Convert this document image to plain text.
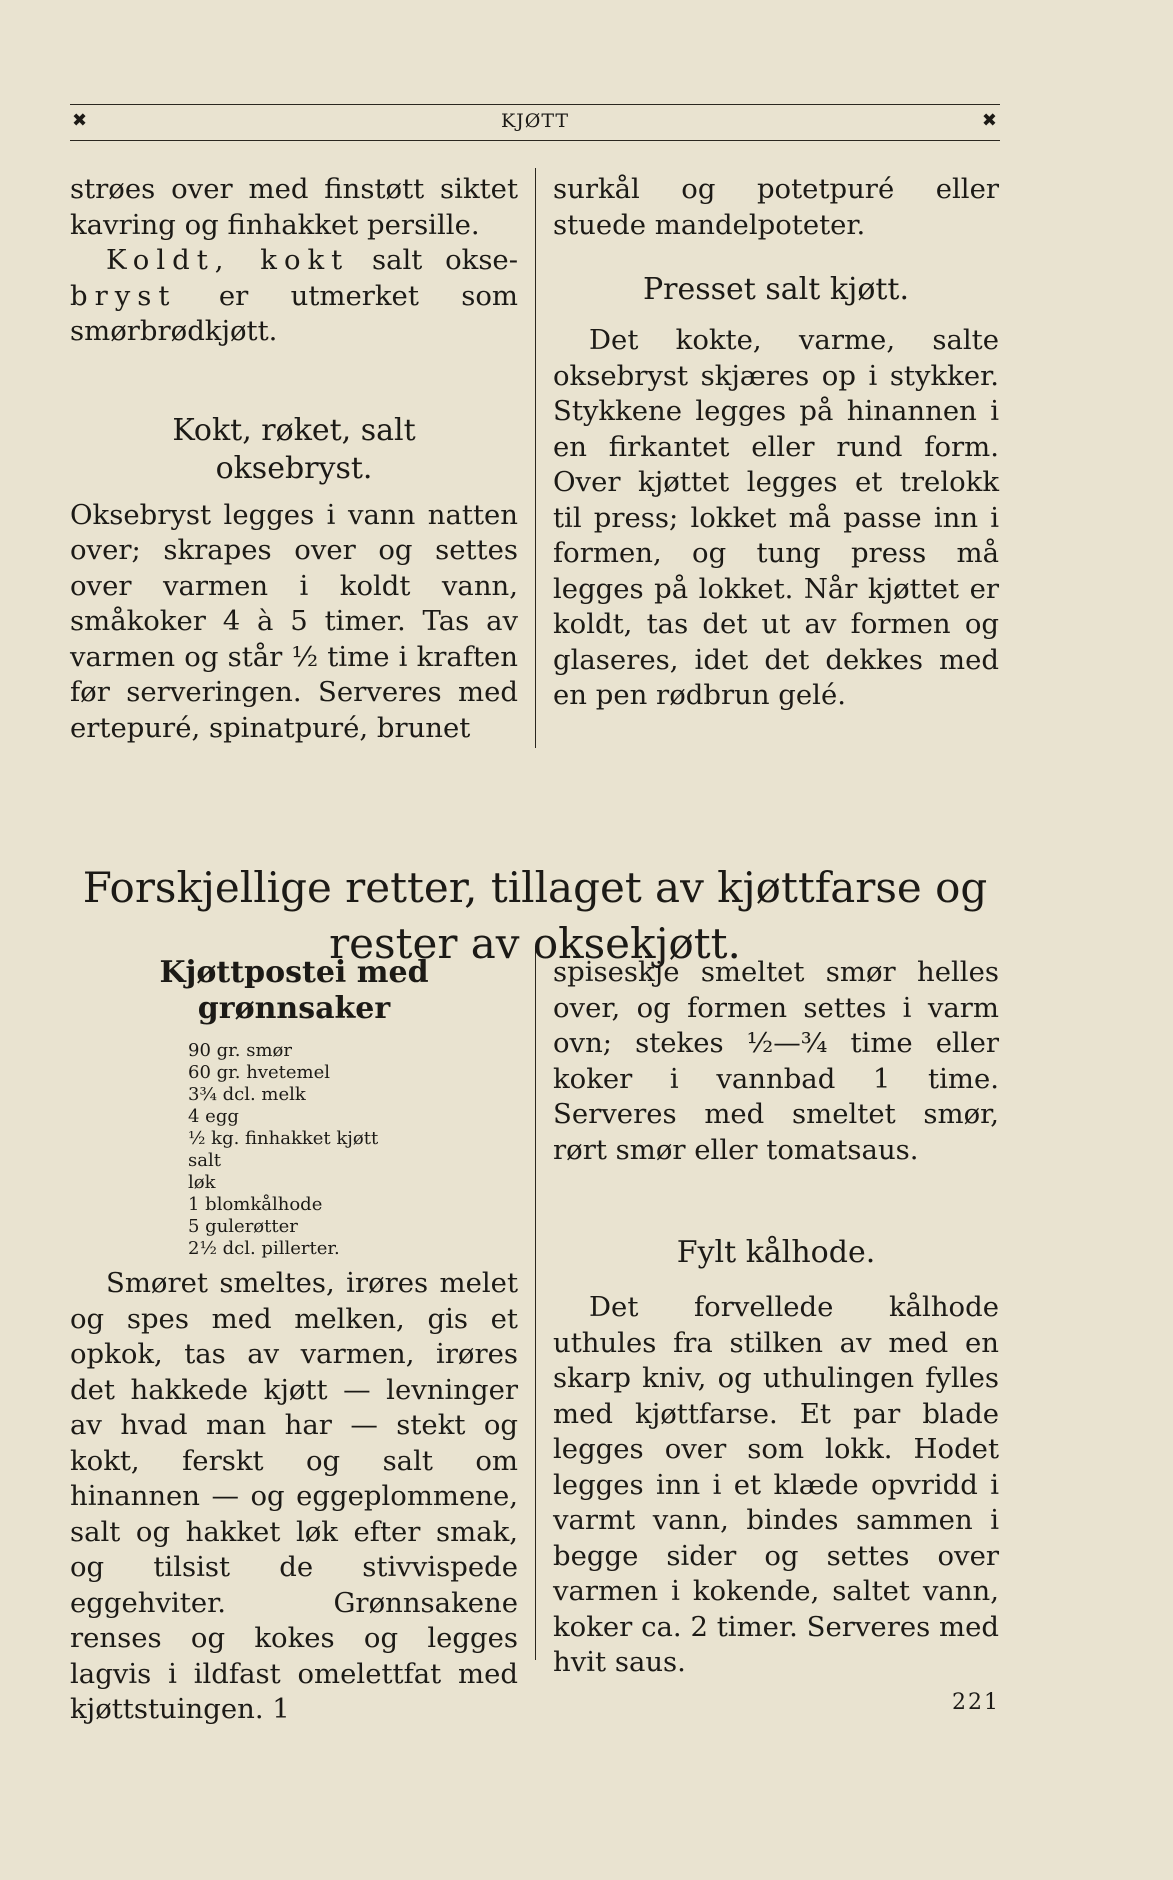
✖	KJØTT	✖

strøes over med finstøtt siktet kavring og finhakket persille.

Koldt, kokt salt okse-bryst er utmerket som smørbrødkjøtt.

Kokt, røket, salt oksebryst.

Oksebryst legges i vann natten over; skrapes over og settes over varmen i koldt vann, småkoker 4 à 5 timer. Tas av varmen og står ½ time i kraften før serveringen. Serveres med ertepuré, spinatpuré, brunet

surkål og potetpuré eller stuede mandelpoteter.

Presset salt kjøtt.

Det kokte, varme, salte oksebryst skjæres op i stykker. Stykkene legges på hinannen i en firkantet eller rund form. Over kjøttet legges et trelokk til press; lokket må passe inn i formen, og tung press må legges på lokket. Når kjøttet er koldt, tas det ut av formen og glaseres, idet det dekkes med en pen rødbrun gelé.

Forskjellige retter, tillaget av kjøttfarse og rester av oksekjøtt.
Kjøttpostei med grønnsaker
90 gr. smør
60 gr. hvetemel
3¾ dcl. melk
4 egg
½ kg. finhakket kjøtt
salt
løk
1 blomkålhode
5 gulerøtter
2½ dcl. pillerter.

Smøret smeltes, irøres melet og spes med melken, gis et opkok, tas av varmen, irøres det hakkede kjøtt — levninger av hvad man har — stekt og kokt, ferskt og salt om hinannen — og eggeplommene, salt og hakket løk efter smak, og tilsist de stivvispede eggehviter. Grønnsakene renses og kokes og legges lagvis i ildfast omelettfat med kjøttstuingen. 1

spiseskje smeltet smør helles over, og formen settes i varm ovn; stekes ½—¾ time eller koker i vannbad 1 time. Serveres med smeltet smør, rørt smør eller tomatsaus.

Fylt kålhode.

Det forvellede kålhode uthules fra stilken av med en skarp kniv, og uthulingen fylles med kjøttfarse. Et par blade legges over som lokk. Hodet legges inn i et klæde opvridd i varmt vann, bindes sammen i begge sider og settes over varmen i kokende, saltet vann, koker ca. 2 timer. Serveres med hvit saus.

221
